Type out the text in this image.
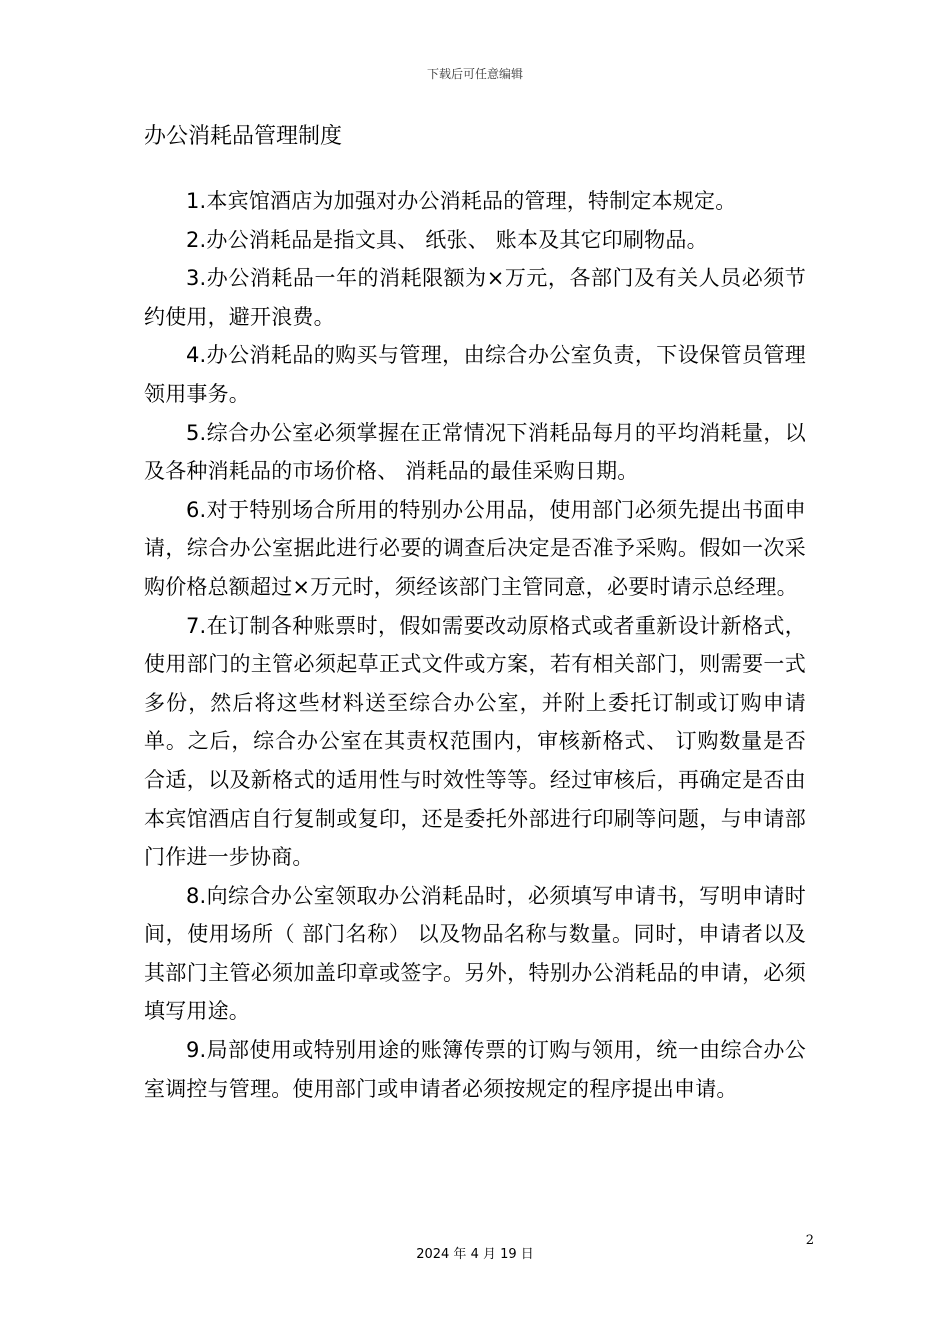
下载后可任意编辑
办公消耗品管理制度

1.本宾馆酒店为加强对办公消耗品的管理，特制定本规定。

2.办公消耗品是指文具、 纸张、 账本及其它印刷物品。

3.办公消耗品一年的消耗限额为×万元，各部门及有关人员必须节约使用，避开浪费。

4.办公消耗品的购买与管理，由综合办公室负责，下设保管员管理领用事务。

5.综合办公室必须掌握在正常情况下消耗品每月的平均消耗量，以及各种消耗品的市场价格、 消耗品的最佳采购日期。

6.对于特别场合所用的特别办公用品，使用部门必须先提出书面申请，综合办公室据此进行必要的调查后决定是否准予采购。假如一次采购价格总额超过×万元时，须经该部门主管同意，必要时请示总经理。

7.在订制各种账票时，假如需要改动原格式或者重新设计新格式，使用部门的主管必须起草正式文件或方案，若有相关部门，则需要一式多份，然后将这些材料送至综合办公室，并附上委托订制或订购申请单。之后，综合办公室在其责权范围内，审核新格式、 订购数量是否合适，以及新格式的适用性与时效性等等。经过审核后，再确定是否由本宾馆酒店自行复制或复印，还是委托外部进行印刷等问题，与申请部门作进一步协商。

8.向综合办公室领取办公消耗品时，必须填写申请书，写明申请时间，使用场所（ 部门名称） 以及物品名称与数量。同时，申请者以及其部门主管必须加盖印章或签字。另外，特别办公消耗品的申请，必须填写用途。

9.局部使用或特别用途的账簿传票的订购与领用，统一由综合办公室调控与管理。使用部门或申请者必须按规定的程序提出申请。

2
2024 年 4 月 19 日
